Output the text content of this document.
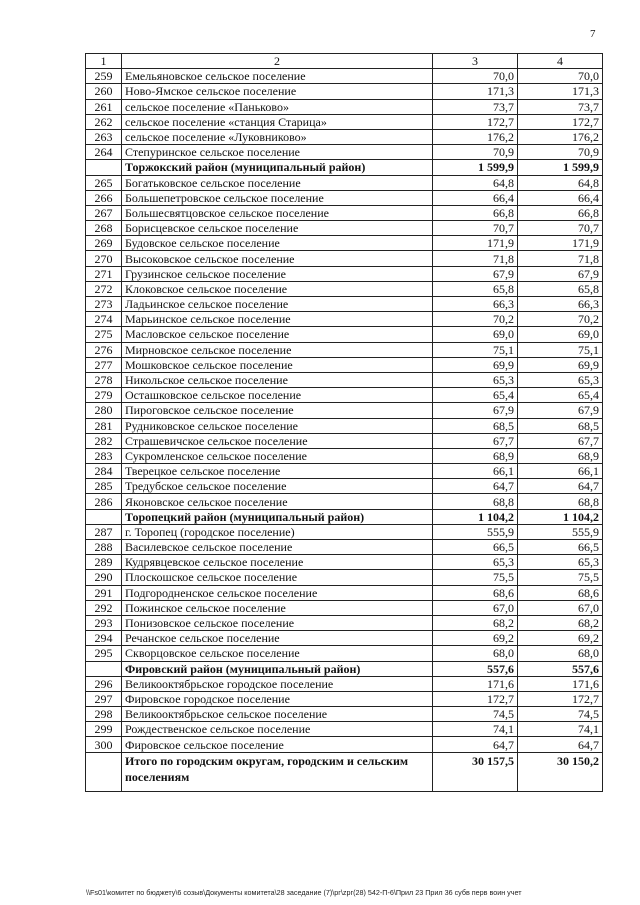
7
1	2	3	4
259	Емельяновское сельское поселение	70,0	70,0
260	Ново-Ямское сельское поселение	171,3	171,3
261	сельское поселение «Паньково»	73,7	73,7
262	сельское поселение «станция Старица»	172,7	172,7
263	сельское поселение «Луковниково»	176,2	176,2
264	Степуринское сельское поселение	70,9	70,9
	Торжокский район (муниципальный район)	1 599,9	1 599,9
265	Богатьковское сельское поселение	64,8	64,8
266	Большепетровское сельское поселение	66,4	66,4
267	Большесвятцовское сельское поселение	66,8	66,8
268	Борисцевское сельское поселение	70,7	70,7
269	Будовское сельское поселение	171,9	171,9
270	Высоковское сельское поселение	71,8	71,8
271	Грузинское сельское поселение	67,9	67,9
272	Клоковское сельское поселение	65,8	65,8
273	Ладьинское сельское поселение	66,3	66,3
274	Марьинское сельское поселение	70,2	70,2
275	Масловское сельское поселение	69,0	69,0
276	Мирновское сельское поселение	75,1	75,1
277	Мошковское сельское поселение	69,9	69,9
278	Никольское сельское поселение	65,3	65,3
279	Осташковское сельское поселение	65,4	65,4
280	Пироговское сельское поселение	67,9	67,9
281	Рудниковское сельское поселение	68,5	68,5
282	Страшевичское сельское поселение	67,7	67,7
283	Сукромленское сельское поселение	68,9	68,9
284	Тверецкое сельское поселение	66,1	66,1
285	Тредубское сельское поселение	64,7	64,7
286	Яконовское сельское поселение	68,8	68,8
	Торопецкий район (муниципальный район)	1 104,2	1 104,2
287	г. Торопец (городское поселение)	555,9	555,9
288	Василевское сельское поселение	66,5	66,5
289	Кудрявцевское сельское поселение	65,3	65,3
290	Плоскошское сельское поселение	75,5	75,5
291	Подгородненское сельское поселение	68,6	68,6
292	Пожинское сельское поселение	67,0	67,0
293	Понизовское сельское поселение	68,2	68,2
294	Речанское сельское поселение	69,2	69,2
295	Скворцовское сельское поселение	68,0	68,0
	Фировский район (муниципальный район)	557,6	557,6
296	Великооктябрьское городское поселение	171,6	171,6
297	Фировское городское поселение	172,7	172,7
298	Великооктябрьское сельское поселение	74,5	74,5
299	Рождественское сельское поселение	74,1	74,1
300	Фировское сельское поселение	64,7	64,7
	Итого по городским округам, городским и сельским поселениям	30 157,5	30 150,2
\\Fs01\комитет по бюджету\6 созыв\Документы комитета\28 заседание (7)\рг\zрг(28) 542-П-6\Прил 23 Прил 36 субв перв воин учет
